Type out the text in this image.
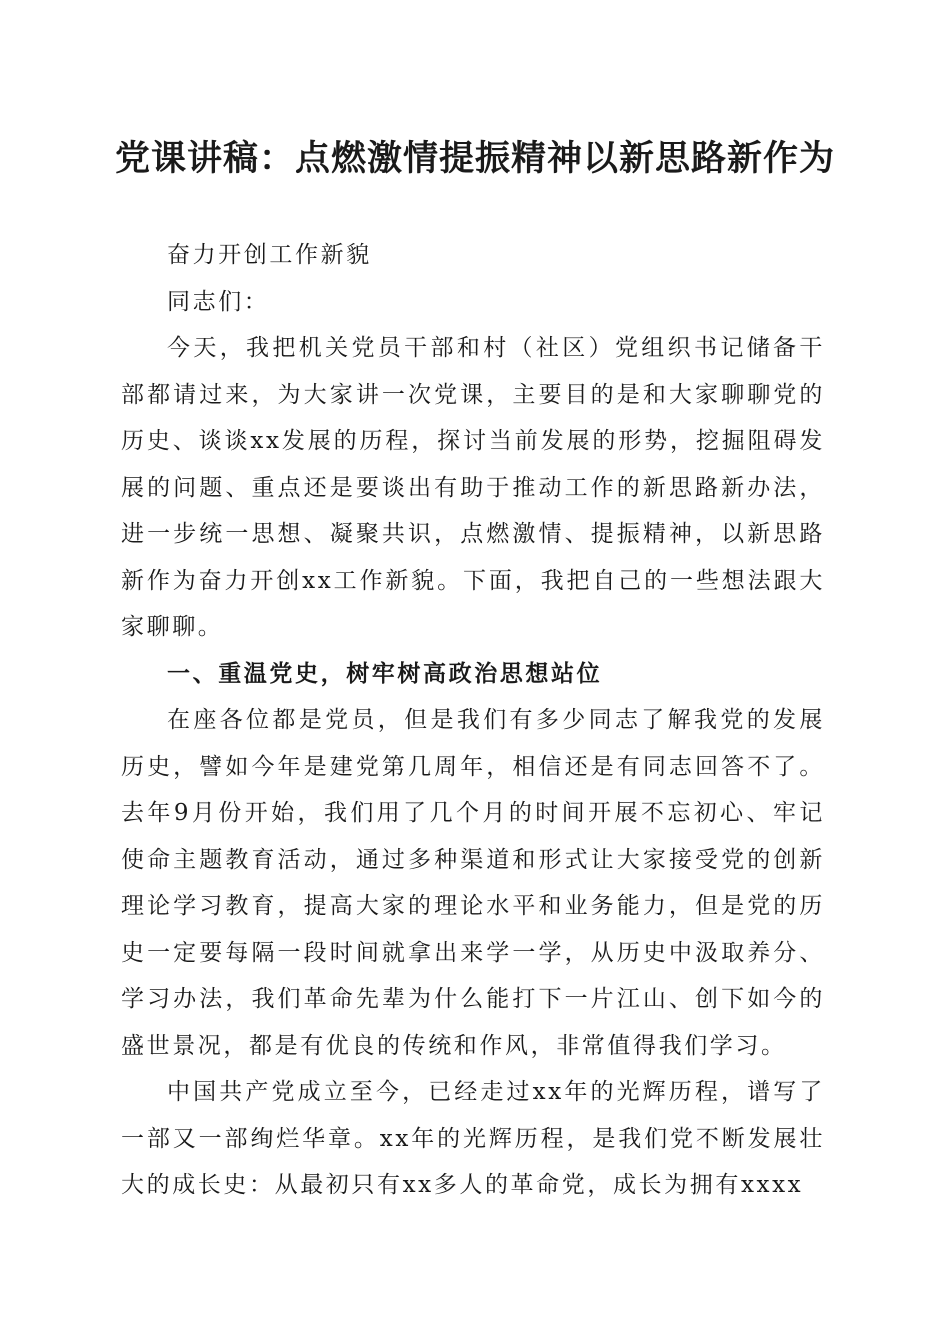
党课讲稿：点燃激情提振精神以新思路新作为

奋力开创工作新貌

同志们：

今天，我把机关党员干部和村（社区）党组织书记储备干部都请过来，为大家讲一次党课，主要目的是和大家聊聊党的历史、谈谈xx发展的历程，探讨当前发展的形势，挖掘阻碍发展的问题、重点还是要谈出有助于推动工作的新思路新办法，进一步统一思想、凝聚共识，点燃激情、提振精神，以新思路新作为奋力开创xx工作新貌。下面，我把自己的一些想法跟大家聊聊。

一、重温党史，树牢树高政治思想站位

在座各位都是党员，但是我们有多少同志了解我党的发展历史，譬如今年是建党第几周年，相信还是有同志回答不了。去年9月份开始，我们用了几个月的时间开展不忘初心、牢记使命主题教育活动，通过多种渠道和形式让大家接受党的创新理论学习教育，提高大家的理论水平和业务能力，但是党的历史一定要每隔一段时间就拿出来学一学，从历史中汲取养分、学习办法，我们革命先辈为什么能打下一片江山、创下如今的盛世景况，都是有优良的传统和作风，非常值得我们学习。

中国共产党成立至今，已经走过xx年的光辉历程，谱写了一部又一部绚烂华章。xx年的光辉历程，是我们党不断发展壮大的成长史：从最初只有xx多人的革命党，成长为拥有xxxx
